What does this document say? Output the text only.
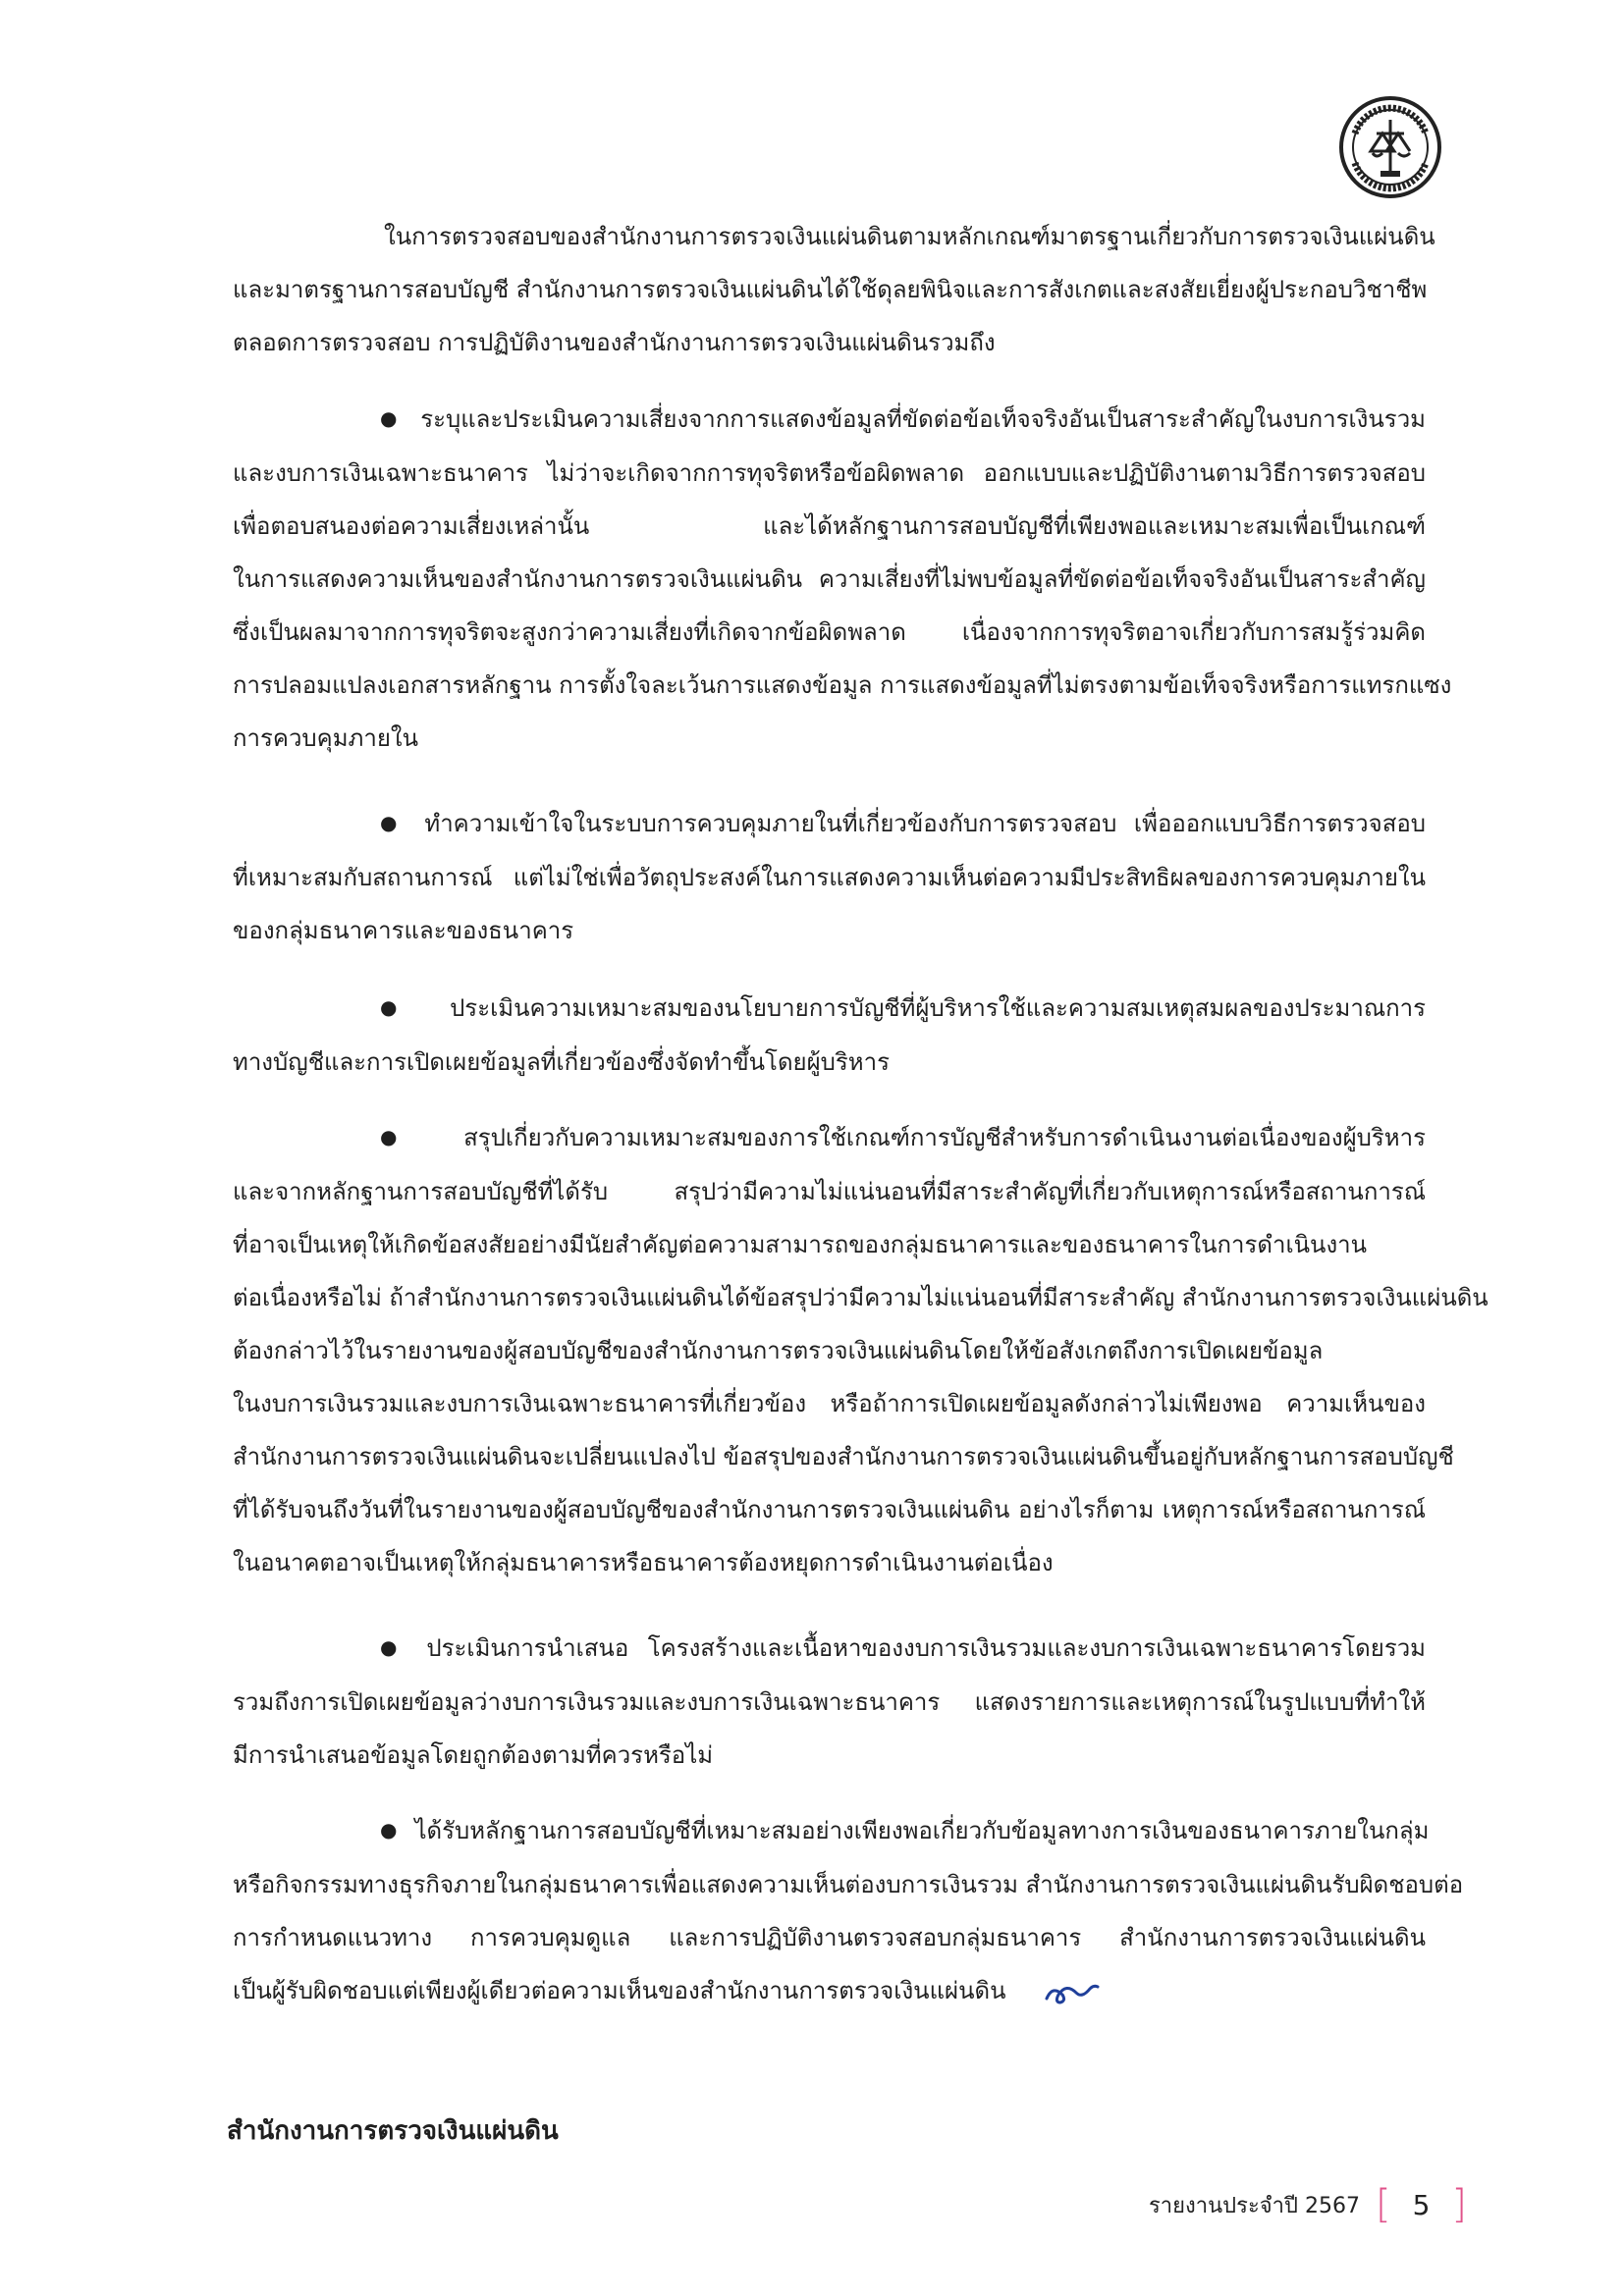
ในการตรวจสอบของสำนักงานการตรวจเงินแผ่นดินตามหลักเกณฑ์มาตรฐานเกี่ยวกับการตรวจเงินแผ่นดิน
และมาตรฐานการสอบบัญชี สำนักงานการตรวจเงินแผ่นดินได้ใช้ดุลยพินิจและการสังเกตและสงสัยเยี่ยงผู้ประกอบวิชาชีพ
ตลอดการตรวจสอบ การปฏิบัติงานของสำนักงานการตรวจเงินแผ่นดินรวมถึง

● ระบุและประเมินความเสี่ยงจากการแสดงข้อมูลที่ขัดต่อข้อเท็จจริงอันเป็นสาระสำคัญในงบการเงินรวม
และงบการเงินเฉพาะธนาคาร ไม่ว่าจะเกิดจากการทุจริตหรือข้อผิดพลาด ออกแบบและปฏิบัติงานตามวิธีการตรวจสอบ
เพื่อตอบสนองต่อความเสี่ยงเหล่านั้น และได้หลักฐานการสอบบัญชีที่เพียงพอและเหมาะสมเพื่อเป็นเกณฑ์
ในการแสดงความเห็นของสำนักงานการตรวจเงินแผ่นดิน ความเสี่ยงที่ไม่พบข้อมูลที่ขัดต่อข้อเท็จจริงอันเป็นสาระสำคัญ
ซึ่งเป็นผลมาจากการทุจริตจะสูงกว่าความเสี่ยงที่เกิดจากข้อผิดพลาด เนื่องจากการทุจริตอาจเกี่ยวกับการสมรู้ร่วมคิด
การปลอมแปลงเอกสารหลักฐาน การตั้งใจละเว้นการแสดงข้อมูล การแสดงข้อมูลที่ไม่ตรงตามข้อเท็จจริงหรือการแทรกแซง
การควบคุมภายใน

● ทำความเข้าใจในระบบการควบคุมภายในที่เกี่ยวข้องกับการตรวจสอบ เพื่อออกแบบวิธีการตรวจสอบ
ที่เหมาะสมกับสถานการณ์ แต่ไม่ใช่เพื่อวัตถุประสงค์ในการแสดงความเห็นต่อความมีประสิทธิผลของการควบคุมภายใน
ของกลุ่มธนาคารและของธนาคาร

● ประเมินความเหมาะสมของนโยบายการบัญชีที่ผู้บริหารใช้และความสมเหตุสมผลของประมาณการ
ทางบัญชีและการเปิดเผยข้อมูลที่เกี่ยวข้องซึ่งจัดทำขึ้นโดยผู้บริหาร

● สรุปเกี่ยวกับความเหมาะสมของการใช้เกณฑ์การบัญชีสำหรับการดำเนินงานต่อเนื่องของผู้บริหาร
และจากหลักฐานการสอบบัญชีที่ได้รับ สรุปว่ามีความไม่แน่นอนที่มีสาระสำคัญที่เกี่ยวกับเหตุการณ์หรือสถานการณ์
ที่อาจเป็นเหตุให้เกิดข้อสงสัยอย่างมีนัยสำคัญต่อความสามารถของกลุ่มธนาคารและของธนาคารในการดำเนินงาน
ต่อเนื่องหรือไม่ ถ้าสำนักงานการตรวจเงินแผ่นดินได้ข้อสรุปว่ามีความไม่แน่นอนที่มีสาระสำคัญ สำนักงานการตรวจเงินแผ่นดิน
ต้องกล่าวไว้ในรายงานของผู้สอบบัญชีของสำนักงานการตรวจเงินแผ่นดินโดยให้ข้อสังเกตถึงการเปิดเผยข้อมูล
ในงบการเงินรวมและงบการเงินเฉพาะธนาคารที่เกี่ยวข้อง หรือถ้าการเปิดเผยข้อมูลดังกล่าวไม่เพียงพอ ความเห็นของ
สำนักงานการตรวจเงินแผ่นดินจะเปลี่ยนแปลงไป ข้อสรุปของสำนักงานการตรวจเงินแผ่นดินขึ้นอยู่กับหลักฐานการสอบบัญชี
ที่ได้รับจนถึงวันที่ในรายงานของผู้สอบบัญชีของสำนักงานการตรวจเงินแผ่นดิน อย่างไรก็ตาม เหตุการณ์หรือสถานการณ์
ในอนาคตอาจเป็นเหตุให้กลุ่มธนาคารหรือธนาคารต้องหยุดการดำเนินงานต่อเนื่อง

● ประเมินการนำเสนอ โครงสร้างและเนื้อหาของงบการเงินรวมและงบการเงินเฉพาะธนาคารโดยรวม
รวมถึงการเปิดเผยข้อมูลว่างบการเงินรวมและงบการเงินเฉพาะธนาคาร แสดงรายการและเหตุการณ์ในรูปแบบที่ทำให้
มีการนำเสนอข้อมูลโดยถูกต้องตามที่ควรหรือไม่

● ได้รับหลักฐานการสอบบัญชีที่เหมาะสมอย่างเพียงพอเกี่ยวกับข้อมูลทางการเงินของธนาคารภายในกลุ่ม
หรือกิจกรรมทางธุรกิจภายในกลุ่มธนาคารเพื่อแสดงความเห็นต่องบการเงินรวม สำนักงานการตรวจเงินแผ่นดินรับผิดชอบต่อ
การกำหนดแนวทาง การควบคุมดูแล และการปฏิบัติงานตรวจสอบกลุ่มธนาคาร สำนักงานการตรวจเงินแผ่นดิน
เป็นผู้รับผิดชอบแต่เพียงผู้เดียวต่อความเห็นของสำนักงานการตรวจเงินแผ่นดิน

สำนักงานการตรวจเงินแผ่นดิน

รายงานประจำปี 2567 [ 5 ]
